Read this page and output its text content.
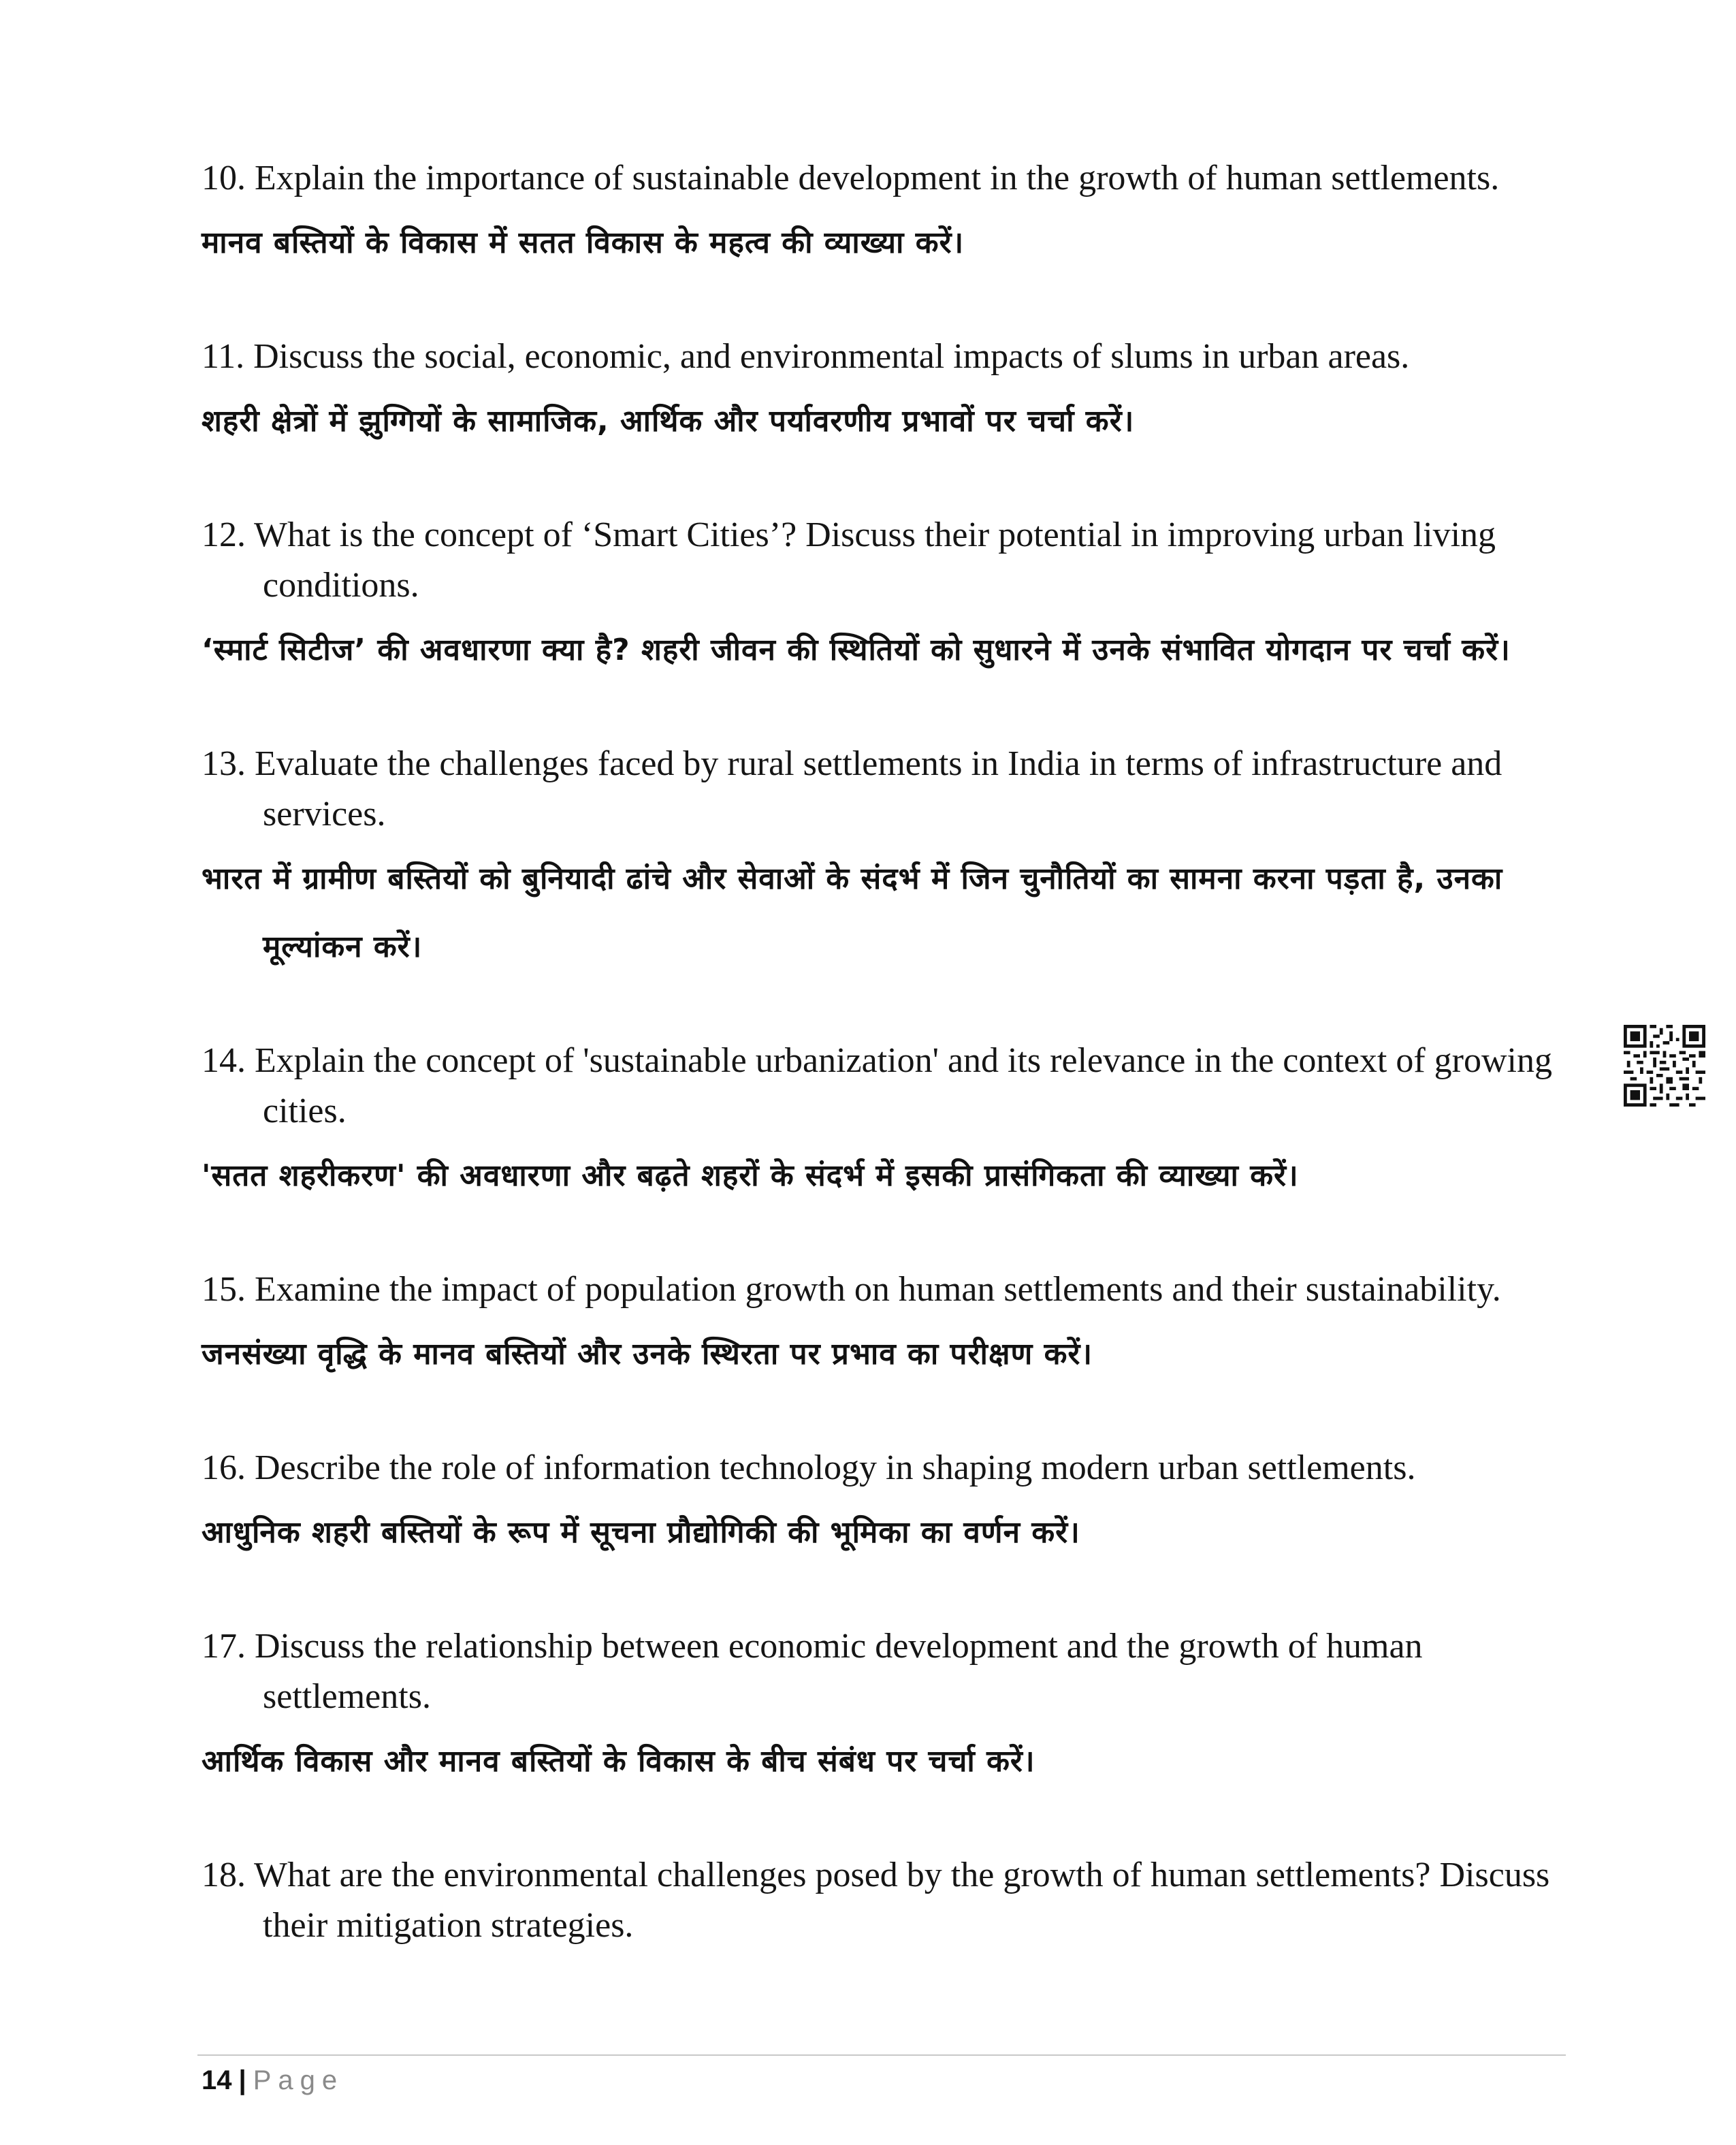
10. Explain the importance of sustainable development in the growth of human settlements.
मानव बस्तियों के विकास में सतत विकास के महत्व की व्याख्या करें।
11. Discuss the social, economic, and environmental impacts of slums in urban areas.
शहरी क्षेत्रों में झुग्गियों के सामाजिक, आर्थिक और पर्यावरणीय प्रभावों पर चर्चा करें।
12. What is the concept of ‘Smart Cities’? Discuss their potential in improving urban living conditions.
‘स्मार्ट सिटीज’ की अवधारणा क्या है? शहरी जीवन की स्थितियों को सुधारने में उनके संभावित योगदान पर चर्चा करें।
13. Evaluate the challenges faced by rural settlements in India in terms of infrastructure and services.
भारत में ग्रामीण बस्तियों को बुनियादी ढांचे और सेवाओं के संदर्भ में जिन चुनौतियों का सामना करना पड़ता है, उनका मूल्यांकन करें।
14. Explain the concept of 'sustainable urbanization' and its relevance in the context of growing cities.
'सतत शहरीकरण' की अवधारणा और बढ़ते शहरों के संदर्भ में इसकी प्रासंगिकता की व्याख्या करें।
15. Examine the impact of population growth on human settlements and their sustainability.
जनसंख्या वृद्धि के मानव बस्तियों और उनके स्थिरता पर प्रभाव का परीक्षण करें।
16. Describe the role of information technology in shaping modern urban settlements.
आधुनिक शहरी बस्तियों के रूप में सूचना प्रौद्योगिकी की भूमिका का वर्णन करें।
17. Discuss the relationship between economic development and the growth of human settlements.
आर्थिक विकास और मानव बस्तियों के विकास के बीच संबंध पर चर्चा करें।
18. What are the environmental challenges posed by the growth of human settlements? Discuss their mitigation strategies.
14 | Page
